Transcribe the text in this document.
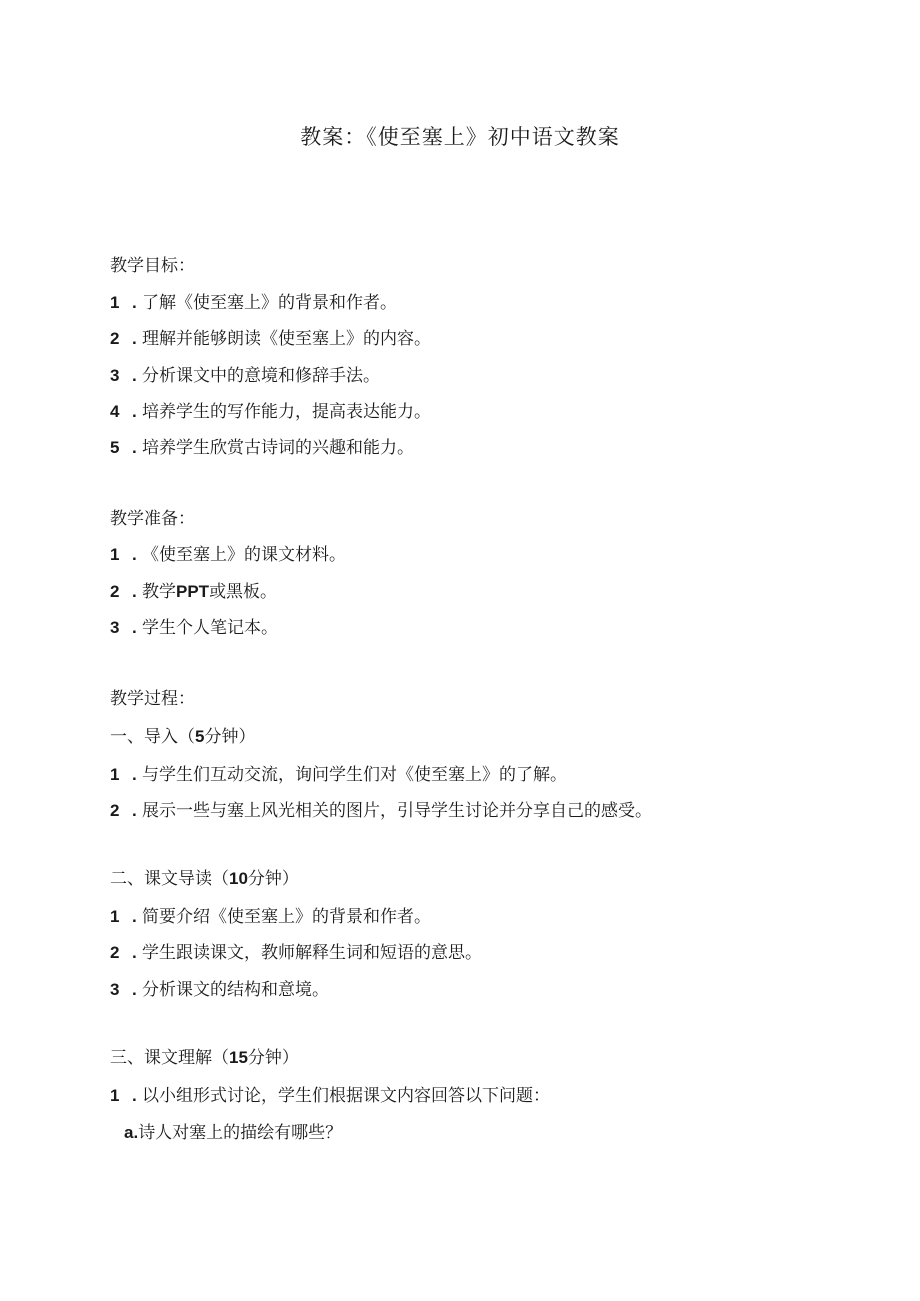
教案：《使至塞上》初中语文教案
教学目标：
1 . 了解《使至塞上》的背景和作者。
2 . 理解并能够朗读《使至塞上》的内容。
3 . 分析课文中的意境和修辞手法。
4 . 培养学生的写作能力，提高表达能力。
5 . 培养学生欣赏古诗词的兴趣和能力。
教学准备：
1 . 《使至塞上》的课文材料。
2 . 教学PPT或黑板。
3 . 学生个人笔记本。
教学过程：
一、导入（5分钟）
1 . 与学生们互动交流，询问学生们对《使至塞上》的了解。
2 . 展示一些与塞上风光相关的图片，引导学生讨论并分享自己的感受。
二、课文导读（10分钟）
1 . 简要介绍《使至塞上》的背景和作者。
2 . 学生跟读课文，教师解释生词和短语的意思。
3 . 分析课文的结构和意境。
三、课文理解（15分钟）
1 . 以小组形式讨论，学生们根据课文内容回答以下问题：
a.诗人对塞上的描绘有哪些？
